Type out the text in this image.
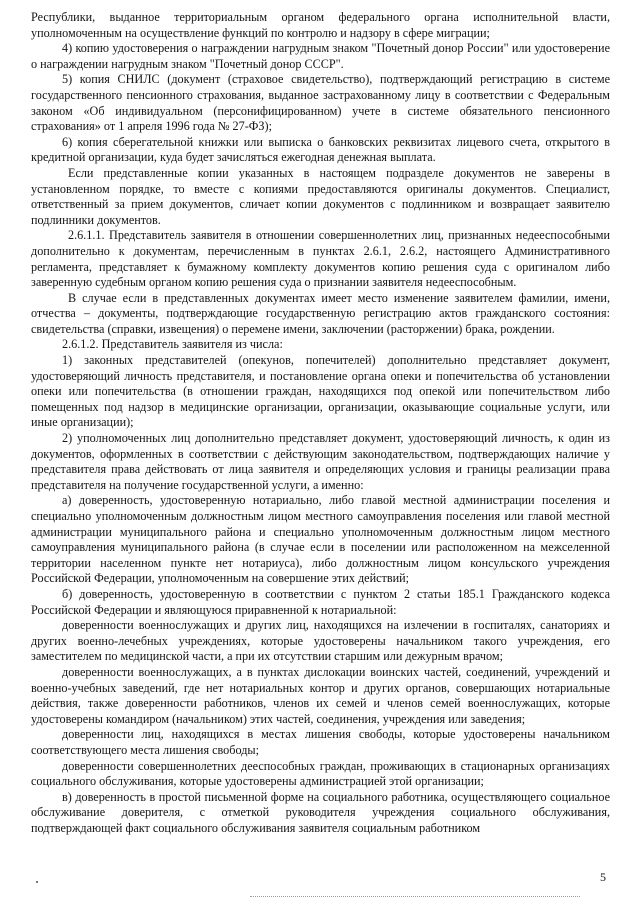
Республики, выданное территориальным органом федерального органа исполнительной власти, уполномоченным на осуществление функций по контролю и надзору в сфере миграции;

4) копию удостоверения о награждении нагрудным знаком "Почетный донор России" или удостоверение о награждении нагрудным знаком "Почетный донор СССР".

5) копия СНИЛС (документ (страховое свидетельство), подтверждающий регистрацию в системе государственного пенсионного страхования, выданное застрахованному лицу в соответствии с Федеральным законом «Об индивидуальном (персонифицированном) учете в системе обязательного пенсионного страхования» от 1 апреля 1996 года № 27-ФЗ);

6) копия сберегательной книжки или выписка о банковских реквизитах лицевого счета, открытого в кредитной организации, куда будет зачисляться ежегодная денежная выплата.

Если представленные копии указанных в настоящем подразделе документов не заверены в установленном порядке, то вместе с копиями предоставляются оригиналы документов. Специалист, ответственный за прием документов, сличает копии документов с подлинником и возвращает заявителю подлинники документов.

2.6.1.1. Представитель заявителя в отношении совершеннолетних лиц, признанных недееспособными дополнительно к документам, перечисленным в пунктах 2.6.1, 2.6.2, настоящего Административного регламента, представляет к бумажному комплекту документов копию решения суда с оригиналом либо заверенную судебным органом копию решения суда о признании заявителя недееспособным.

В случае если в представленных документах имеет место изменение заявителем фамилии, имени, отчества – документы, подтверждающие государственную регистрацию актов гражданского состояния: свидетельства (справки, извещения) о перемене имени, заключении (расторжении) брака, рождении.

2.6.1.2. Представитель заявителя из числа:

1) законных представителей (опекунов, попечителей) дополнительно представляет документ, удостоверяющий личность представителя, и постановление органа опеки и попечительства об установлении опеки или попечительства (в отношении граждан, находящихся под опекой или попечительством либо помещенных под надзор в медицинские организации, организации, оказывающие социальные услуги, или иные организации);

2) уполномоченных лиц дополнительно представляет документ, удостоверяющий личность, к один из документов, оформленных в соответствии с действующим законодательством, подтверждающих наличие у представителя права действовать от лица заявителя и определяющих условия и границы реализации права представителя на получение государственной услуги, а именно:

а) доверенность, удостоверенную нотариально, либо главой местной администрации поселения и специально уполномоченным должностным лицом местного самоуправления поселения или главой местной администрации муниципального района и специально уполномоченным должностным лицом местного самоуправления муниципального района (в случае если в поселении или расположенном на межселенной территории населенном пункте нет нотариуса), либо должностным лицом консульского учреждения Российской Федерации, уполномоченным на совершение этих действий;

б) доверенность, удостоверенную в соответствии с пунктом 2 статьи 185.1 Гражданского кодекса Российской Федерации и являющуюся приравненной к нотариальной:

доверенности военнослужащих и других лиц, находящихся на излечении в госпиталях, санаториях и других военно-лечебных учреждениях, которые удостоверены начальником такого учреждения, его заместителем по медицинской части, а при их отсутствии старшим или дежурным врачом;

доверенности военнослужащих, а в пунктах дислокации воинских частей, соединений, учреждений и военно-учебных заведений, где нет нотариальных контор и других органов, совершающих нотариальные действия, также доверенности работников, членов их семей и членов семей военнослужащих, которые удостоверены командиром (начальником) этих частей, соединения, учреждения или заведения;

доверенности лиц, находящихся в местах лишения свободы, которые удостоверены начальником соответствующего места лишения свободы;

доверенности совершеннолетних дееспособных граждан, проживающих в стационарных организациях социального обслуживания, которые удостоверены администрацией этой организации;

в) доверенность в простой письменной форме на социального работника, осуществляющего социальное обслуживание доверителя, с отметкой руководителя учреждения социального обслуживания, подтверждающей факт социального обслуживания заявителя социальным работником

5
